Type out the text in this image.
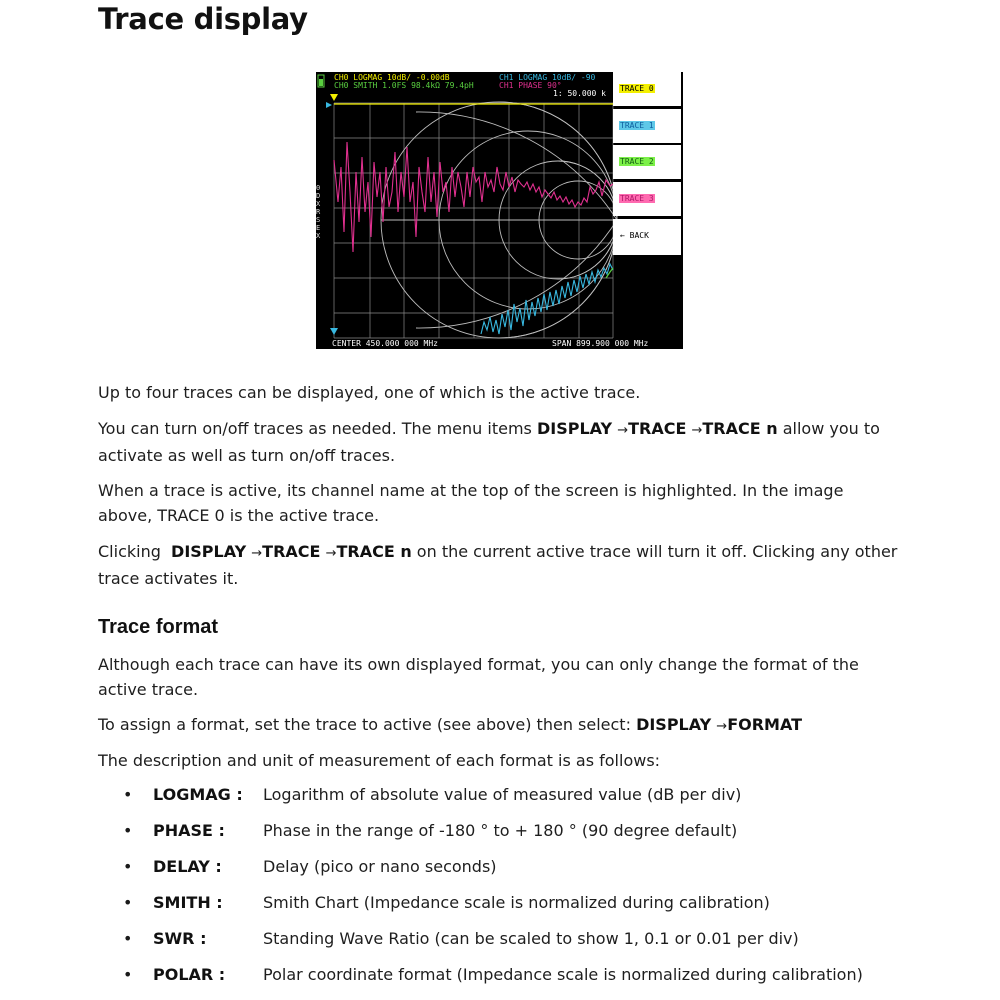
Trace display
CH0 LOGMAG 10dB/ -0.00dB
CH0 SMITH 1.0FS 98.4kΩ 79.4pH
CH1 LOGMAG 10dB/ -90
CH1 PHASE 90°
1: 50.000 k
0 D X R S E X
CENTER 450.000 000 MHz	SPAN 899.900 000 MHz
TRACE 0
TRACE 1
TRACE 2
TRACE 3
← BACK

Up to four traces can be displayed, one of which is the active trace.

You can turn on/off traces as needed. The menu items DISPLAY →TRACE →TRACE n allow you to activate as well as turn on/off traces.

When a trace is active, its channel name at the top of the screen is highlighted. In the image above, TRACE 0 is the active trace.

Clicking  DISPLAY →TRACE →TRACE n on the current active trace will turn it off. Clicking any other trace activates it.

Trace format

Although each trace can have its own displayed format, you can only change the format of the active trace.

To assign a format, set the trace to active (see above) then select: DISPLAY →FORMAT

The description and unit of measurement of each format is as follows:

• LOGMAG : Logarithm of absolute value of measured value (dB per div)
• PHASE : Phase in the range of -180 ° to + 180 ° (90 degree default)
• DELAY :	Delay (pico or nano seconds)
• SMITH :	Smith Chart (Impedance scale is normalized during calibration)
• SWR :	Standing Wave Ratio (can be scaled to show 1, 0.1 or 0.01 per div)
• POLAR : Polar coordinate format (Impedance scale is normalized during calibration)
